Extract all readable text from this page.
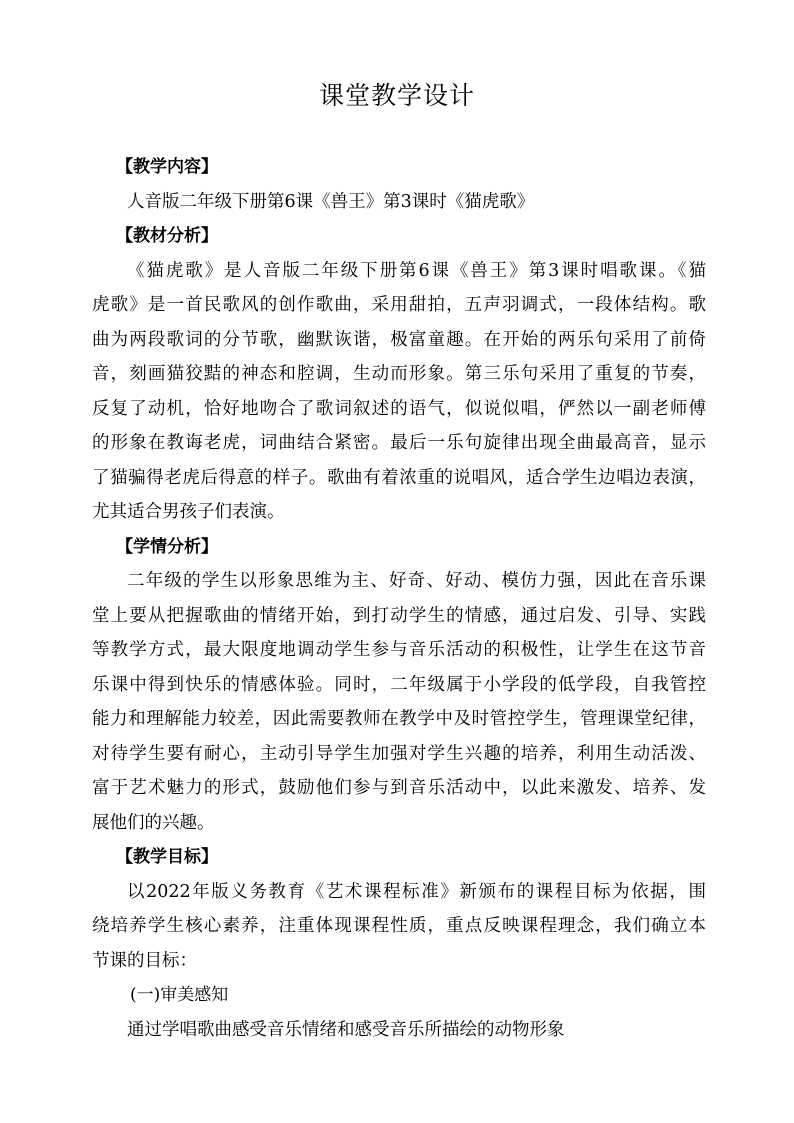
课堂教学设计
【教学内容】
人音版二年级下册第6课《兽王》第3课时《猫虎歌》
【教材分析】
《猫虎歌》是人音版二年级下册第6课《兽王》第3课时唱歌课。《猫
虎歌》是一首民歌风的创作歌曲，采用甜拍，五声羽调式，一段体结构。歌
曲为两段歌词的分节歌，幽默诙谐，极富童趣。在开始的两乐句采用了前倚
音，刻画猫狡黠的神态和腔调，生动而形象。第三乐句采用了重复的节奏，
反复了动机，恰好地吻合了歌词叙述的语气，似说似唱，俨然以一副老师傅
的形象在教诲老虎，词曲结合紧密。最后一乐句旋律出现全曲最高音，显示
了猫骗得老虎后得意的样子。歌曲有着浓重的说唱风，适合学生边唱边表演，
尤其适合男孩子们表演。
【学情分析】
二年级的学生以形象思维为主、好奇、好动、模仿力强，因此在音乐课
堂上要从把握歌曲的情绪开始，到打动学生的情感，通过启发、引导、实践
等教学方式，最大限度地调动学生参与音乐活动的积极性，让学生在这节音
乐课中得到快乐的情感体验。同时，二年级属于小学段的低学段，自我管控
能力和理解能力较差，因此需要教师在教学中及时管控学生，管理课堂纪律，
对待学生要有耐心，主动引导学生加强对学生兴趣的培养，利用生动活泼、
富于艺术魅力的形式，鼓励他们参与到音乐活动中，以此来激发、培养、发
展他们的兴趣。
【教学目标】
以2022年版义务教育《艺术课程标准》新颁布的课程目标为依据，围
绕培养学生核心素养，注重体现课程性质，重点反映课程理念，我们确立本
节课的目标：
(一)审美感知
通过学唱歌曲感受音乐情绪和感受音乐所描绘的动物形象
